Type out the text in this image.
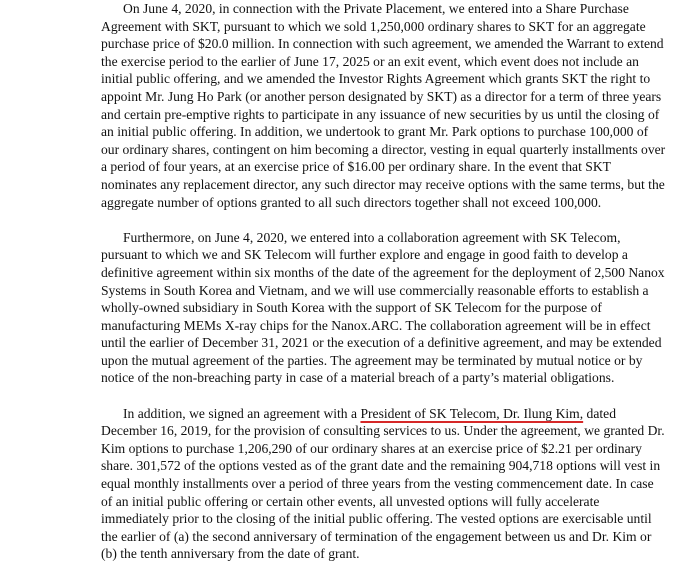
On June 4, 2020, in connection with the Private Placement, we entered into a Share Purchase
Agreement with SKT, pursuant to which we sold 1,250,000 ordinary shares to SKT for an aggregate
purchase price of $20.0 million. In connection with such agreement, we amended the Warrant to extend
the exercise period to the earlier of June 17, 2025 or an exit event, which event does not include an
initial public offering, and we amended the Investor Rights Agreement which grants SKT the right to
appoint Mr. Jung Ho Park (or another person designated by SKT) as a director for a term of three years
and certain pre-emptive rights to participate in any issuance of new securities by us until the closing of
an initial public offering. In addition, we undertook to grant Mr. Park options to purchase 100,000 of
our ordinary shares, contingent on him becoming a director, vesting in equal quarterly installments over
a period of four years, at an exercise price of $16.00 per ordinary share. In the event that SKT
nominates any replacement director, any such director may receive options with the same terms, but the
aggregate number of options granted to all such directors together shall not exceed 100,000.
Furthermore, on June 4, 2020, we entered into a collaboration agreement with SK Telecom,
pursuant to which we and SK Telecom will further explore and engage in good faith to develop a
definitive agreement within six months of the date of the agreement for the deployment of 2,500 Nanox
Systems in South Korea and Vietnam, and we will use commercially reasonable efforts to establish a
wholly-owned subsidiary in South Korea with the support of SK Telecom for the purpose of
manufacturing MEMs X-ray chips for the Nanox.ARC. The collaboration agreement will be in effect
until the earlier of December 31, 2021 or the execution of a definitive agreement, and may be extended
upon the mutual agreement of the parties. The agreement may be terminated by mutual notice or by
notice of the non-breaching party in case of a material breach of a party’s material obligations.
In addition, we signed an agreement with a President of SK Telecom, Dr. Ilung Kim, dated
December 16, 2019, for the provision of consulting services to us. Under the agreement, we granted Dr.
Kim options to purchase 1,206,290 of our ordinary shares at an exercise price of $2.21 per ordinary
share. 301,572 of the options vested as of the grant date and the remaining 904,718 options will vest in
equal monthly installments over a period of three years from the vesting commencement date. In case
of an initial public offering or certain other events, all unvested options will fully accelerate
immediately prior to the closing of the initial public offering. The vested options are exercisable until
the earlier of (a) the second anniversary of termination of the engagement between us and Dr. Kim or
(b) the tenth anniversary from the date of grant.
